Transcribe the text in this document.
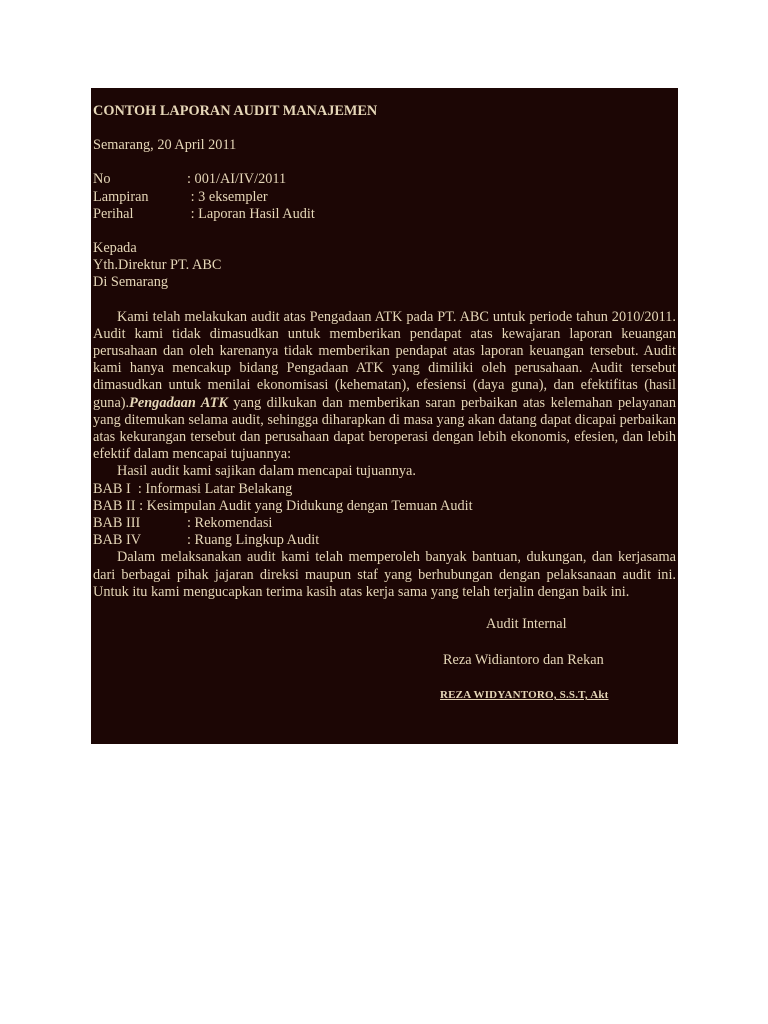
CONTOH LAPORAN AUDIT MANAJEMEN

Semarang, 20 April 2011

No	: 001/AI/IV/2011
Lampiran	: 3 eksempler
Perihal	: Laporan Hasil Audit

Kepada

Yth.Direktur PT. ABC

Di Semarang

Kami telah melakukan audit atas Pengadaan ATK pada PT. ABC untuk periode tahun 2010/2011. Audit kami tidak dimasudkan untuk memberikan pendapat atas kewajaran laporan keuangan perusahaan dan oleh karenanya tidak memberikan pendapat atas laporan keuangan tersebut. Audit kami hanya mencakup bidang Pengadaan ATK yang dimiliki oleh perusahaan. Audit tersebut dimasudkan untuk menilai ekonomisasi (kehematan), efesiensi (daya guna), dan efektifitas (hasil guna).Pengadaan ATK yang dilkukan dan memberikan saran perbaikan atas kelemahan pelayanan yang ditemukan selama audit, sehingga diharapkan di masa yang akan datang dapat dicapai perbaikan atas kekurangan tersebut dan perusahaan dapat beroperasi dengan lebih ekonomis, efesien, dan lebih efektif dalam mencapai tujuannya:

Hasil audit kami sajikan dalam mencapai tujuannya.

BAB I : Informasi Latar Belakang
BAB II : Kesimpulan Audit yang Didukung dengan Temuan Audit
BAB III	: Rekomendasi
BAB IV	: Ruang Lingkup Audit

Dalam melaksanakan audit kami telah memperoleh banyak bantuan, dukungan, dan kerjasama dari berbagai pihak jajaran direksi maupun staf yang berhubungan dengan pelaksanaan audit ini. Untuk itu kami mengucapkan terima kasih atas kerja sama yang telah terjalin dengan baik ini.

Audit Internal
Reza Widiantoro dan Rekan
REZA WIDYANTORO, S.S.T, Akt
